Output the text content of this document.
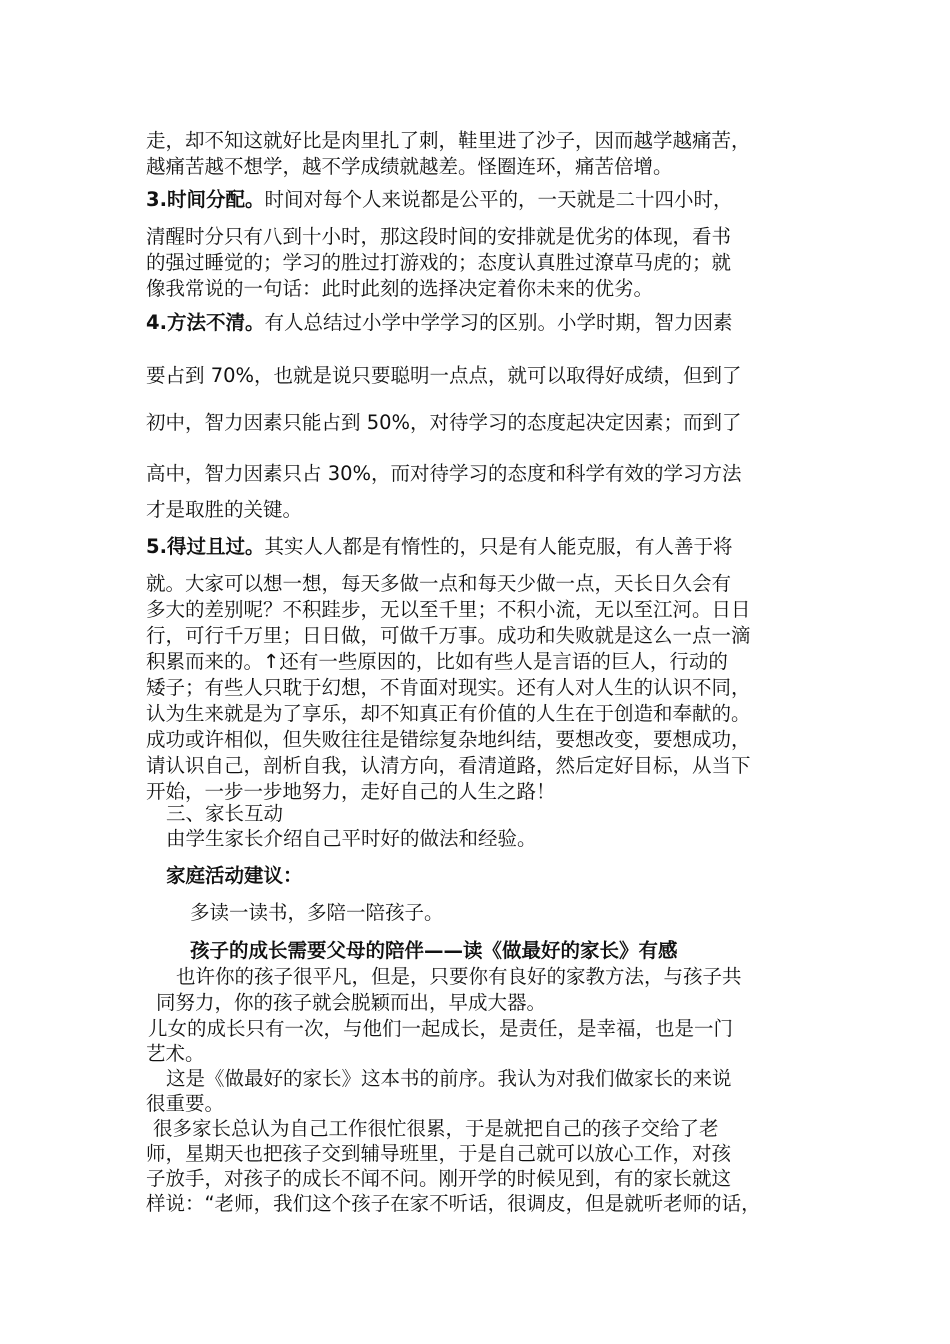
走，却不知这就好比是肉里扎了刺，鞋里进了沙子，因而越学越痛苦，
越痛苦越不想学，越不学成绩就越差。怪圈连环，痛苦倍增。
3.时间分配。时间对每个人来说都是公平的，一天就是二十四小时，
清醒时分只有八到十小时，那这段时间的安排就是优劣的体现，看书
的强过睡觉的；学习的胜过打游戏的；态度认真胜过潦草马虎的；就
像我常说的一句话：此时此刻的选择决定着你未来的优劣。
4.方法不清。有人总结过小学中学学习的区别。小学时期，智力因素
要占到 70%，也就是说只要聪明一点点，就可以取得好成绩，但到了
初中，智力因素只能占到 50%，对待学习的态度起决定因素；而到了
高中，智力因素只占 30%，而对待学习的态度和科学有效的学习方法
才是取胜的关键。
5.得过且过。其实人人都是有惰性的，只是有人能克服，有人善于将
就。大家可以想一想，每天多做一点和每天少做一点，天长日久会有
多大的差别呢？不积跬步，无以至千里；不积小流，无以至江河。日日
行，可行千万里；日日做，可做千万事。成功和失败就是这么一点一滴
积累而来的。↑还有一些原因的，比如有些人是言语的巨人，行动的
矮子；有些人只耽于幻想，不肯面对现实。还有人对人生的认识不同，
认为生来就是为了享乐，却不知真正有价值的人生在于创造和奉献的。
成功或许相似，但失败往往是错综复杂地纠结，要想改变，要想成功，
请认识自己，剖析自我，认清方向，看清道路，然后定好目标，从当下
开始，一步一步地努力，走好自己的人生之路！
三、家长互动
由学生家长介绍自己平时好的做法和经验。
家庭活动建议：
多读一读书，多陪一陪孩子。
孩子的成长需要父母的陪伴——读《做最好的家长》有感
也许你的孩子很平凡，但是，只要你有良好的家教方法，与孩子共
同努力，你的孩子就会脱颖而出，早成大器。
儿女的成长只有一次，与他们一起成长，是责任，是幸福，也是一门
艺术。
这是《做最好的家长》这本书的前序。我认为对我们做家长的来说
很重要。
很多家长总认为自己工作很忙很累，于是就把自己的孩子交给了老
师，星期天也把孩子交到辅导班里，于是自己就可以放心工作，对孩
子放手，对孩子的成长不闻不问。刚开学的时候见到，有的家长就这
样说：“老师，我们这个孩子在家不听话，很调皮，但是就听老师的话，
